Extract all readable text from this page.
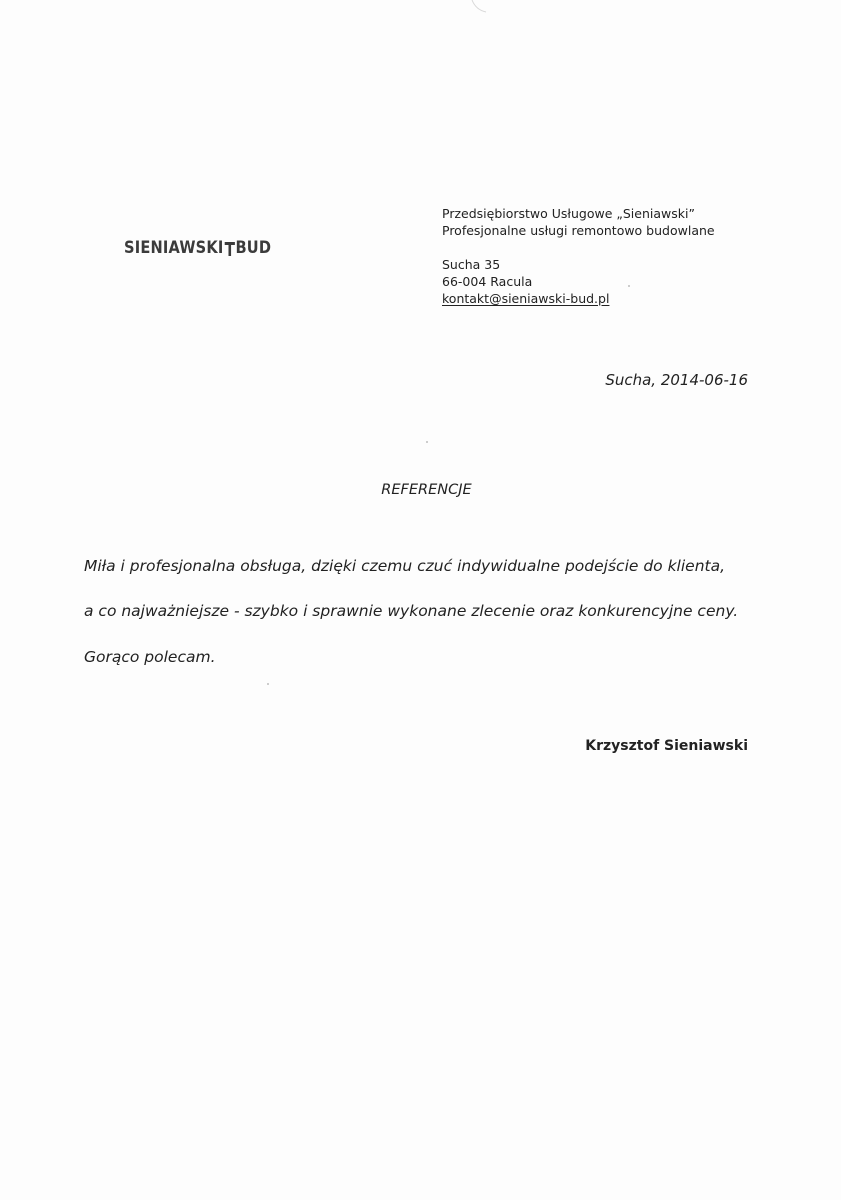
SIENIAWSKI BUD
Przedsiębiorstwo Usługowe „Sieniawski”
Profesjonalne usługi remontowo budowlane
Sucha 35
66-004 Racula
kontakt@sieniawski-bud.pl
Sucha, 2014-06-16
REFERENCJE
Miła i profesjonalna obsługa, dzięki czemu czuć indywidualne podejście do klienta,
a co najważniejsze - szybko i sprawnie wykonane zlecenie oraz konkurencyjne ceny.
Gorąco polecam.
Krzysztof Sieniawski
